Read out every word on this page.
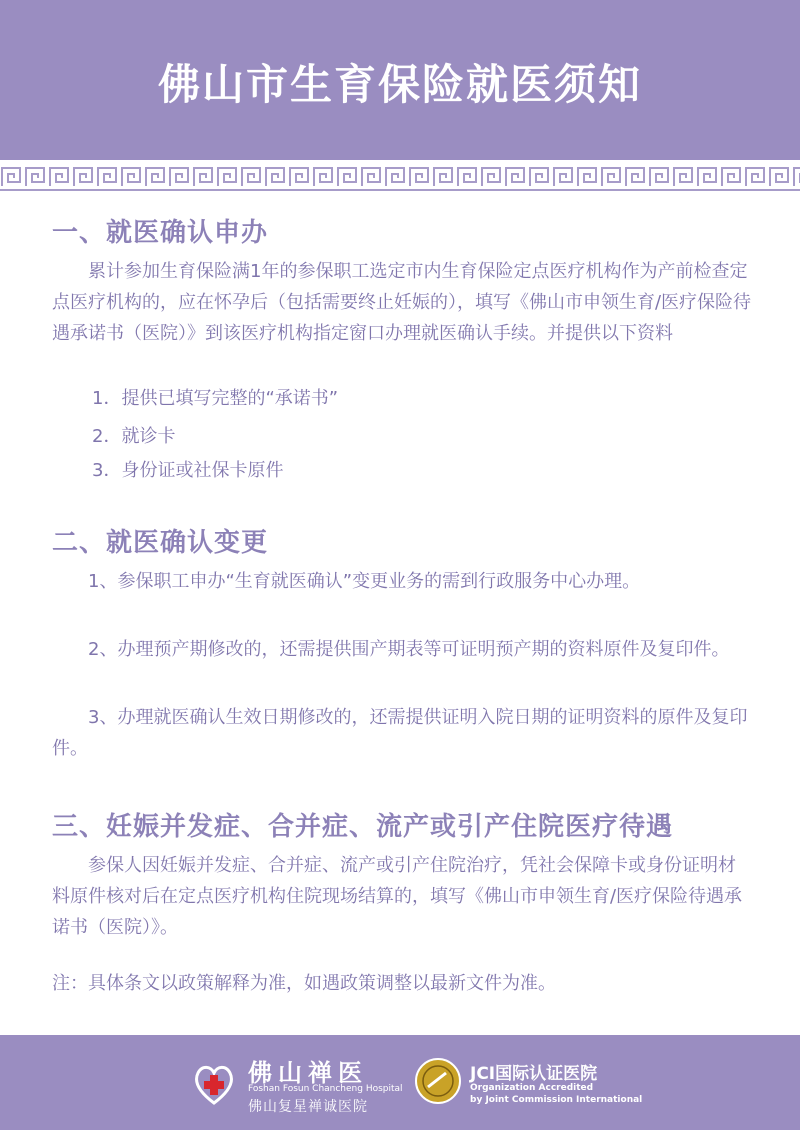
佛山市生育保险就医须知
一、就医确认申办
累计参加生育保险满1年的参保职工选定市内生育保险定点医疗机构作为产前检查定点医疗机构的，应在怀孕后（包括需要终止妊娠的），填写《佛山市申领生育/医疗保险待遇承诺书（医院）》到该医疗机构指定窗口办理就医确认手续。并提供以下资料
1．提供已填写完整的“承诺书”
2．就诊卡
3．身份证或社保卡原件
二、就医确认变更
1、参保职工申办“生育就医确认”变更业务的需到行政服务中心办理。
2、办理预产期修改的，还需提供围产期表等可证明预产期的资料原件及复印件。
3、办理就医确认生效日期修改的，还需提供证明入院日期的证明资料的原件及复印件。
三、妊娠并发症、合并症、流产或引产住院医疗待遇
参保人因妊娠并发症、合并症、流产或引产住院治疗，凭社会保障卡或身份证明材料原件核对后在定点医疗机构住院现场结算的，填写《佛山市申领生育/医疗保险待遇承诺书（医院）》。
注：具体条文以政策解释为准，如遇政策调整以最新文件为准。
佛山禅医
Foshan Fosun Chancheng Hospital
佛山复星禅诚医院
JCI国际认证医院
Organization Accredited
by Joint Commission International
